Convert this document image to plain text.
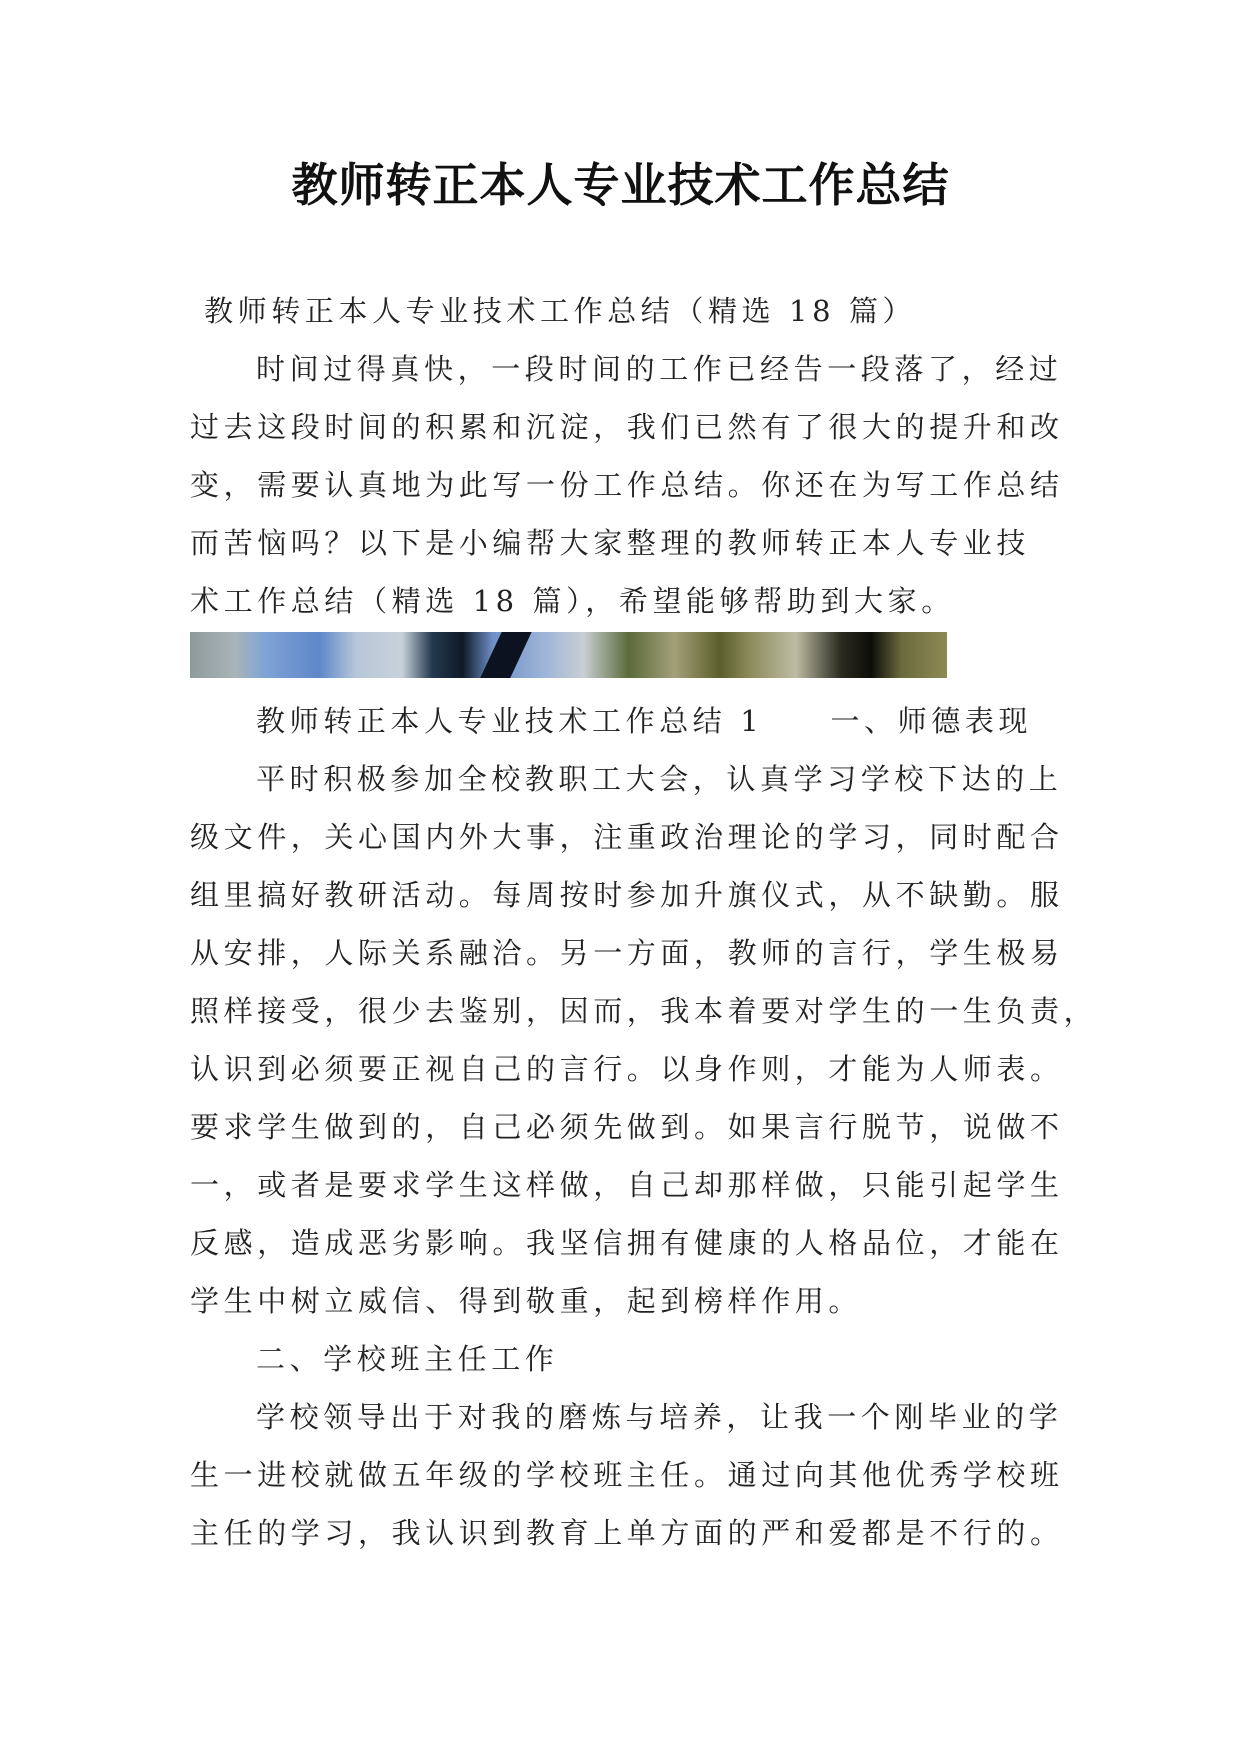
教师转正本人专业技术工作总结
教师转正本人专业技术工作总结（精选 18 篇）
时间过得真快，一段时间的工作已经告一段落了，经过
过去这段时间的积累和沉淀，我们已然有了很大的提升和改
变，需要认真地为此写一份工作总结。你还在为写工作总结
而苦恼吗？以下是小编帮大家整理的教师转正本人专业技
术工作总结（精选 18 篇），希望能够帮助到大家。
教师转正本人专业技术工作总结 1　　一、师德表现
平时积极参加全校教职工大会，认真学习学校下达的上
级文件，关心国内外大事，注重政治理论的学习，同时配合
组里搞好教研活动。每周按时参加升旗仪式，从不缺勤。服
从安排，人际关系融洽。另一方面，教师的言行，学生极易
照样接受，很少去鉴别，因而，我本着要对学生的一生负责，
认识到必须要正视自己的言行。以身作则，才能为人师表。
要求学生做到的，自己必须先做到。如果言行脱节，说做不
一，或者是要求学生这样做，自己却那样做，只能引起学生
反感，造成恶劣影响。我坚信拥有健康的人格品位，才能在
学生中树立威信、得到敬重，起到榜样作用。
二、学校班主任工作
学校领导出于对我的磨炼与培养，让我一个刚毕业的学
生一进校就做五年级的学校班主任。通过向其他优秀学校班
主任的学习，我认识到教育上单方面的严和爱都是不行的。
